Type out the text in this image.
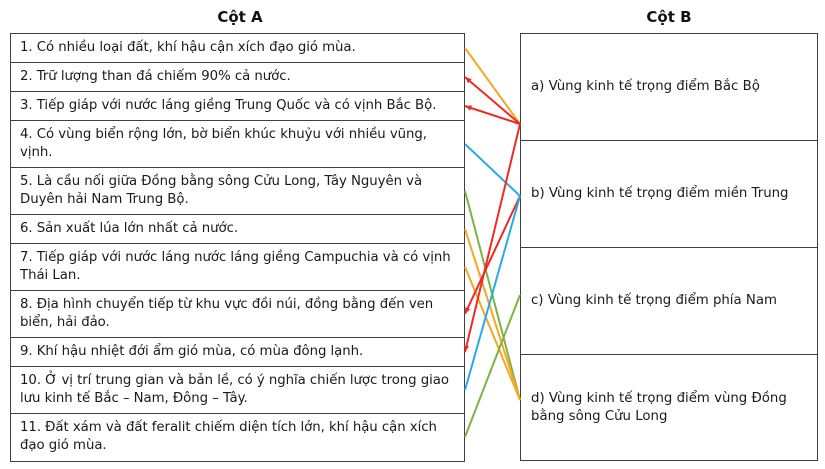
Cột A	Cột B
1. Có nhiều loại đất, khí hậu cận xích đạo gió mùa.
2. Trữ lượng than đá chiếm 90% cả nước.
3. Tiếp giáp với nước láng giềng Trung Quốc và có vịnh Bắc Bộ.
4. Có vùng biển rộng lớn, bờ biển khúc khuỷu với nhiều vũng, vịnh.
5. Là cầu nối giữa Đồng bằng sông Cửu Long, Tây Nguyên và Duyên hải Nam Trung Bộ.
6. Sản xuất lúa lớn nhất cả nước.
7. Tiếp giáp với nước láng nước láng giềng Campuchia và có vịnh Thái Lan.
8. Địa hình chuyển tiếp từ khu vực đồi núi, đồng bằng đến ven biển, hải đảo.
9. Khí hậu nhiệt đới ẩm gió mùa, có mùa đông lạnh.
10. Ở vị trí trung gian và bản lề, có ý nghĩa chiến lược trong giao lưu kinh tế Bắc – Nam, Đông – Tây.
11. Đất xám và đất feralit chiếm diện tích lớn, khí hậu cận xích đạo gió mùa.
a) Vùng kinh tế trọng điểm Bắc Bộ
b) Vùng kinh tế trọng điểm miền Trung
c) Vùng kinh tế trọng điểm phía Nam
d) Vùng kinh tế trọng điểm vùng Đồng bằng sông Cửu Long
